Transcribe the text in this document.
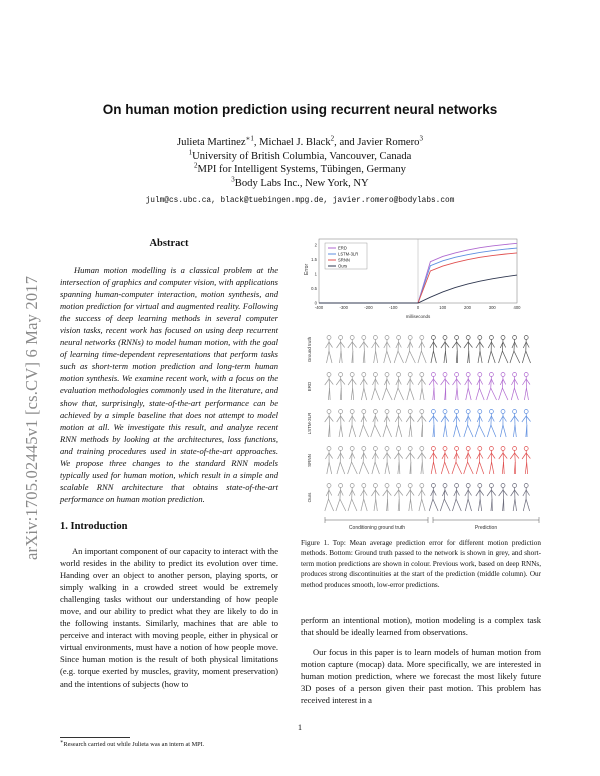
arXiv:1705.02445v1 [cs.CV] 6 May 2017
On human motion prediction using recurrent neural networks
Julieta Martinez$^{∗1}$, Michael J. Black$^2$, and Javier Romero$^3$
$^1$University of British Columbia, Vancouver, Canada
$^2$MPI for Intelligent Systems, Tübingen, Germany
$^3$Body Labs Inc., New York, NY
julm@cs.ubc.ca, black@tuebingen.mpg.de, javier.romero@bodylabs.com
Abstract

Human motion modelling is a classical problem at the intersection of graphics and computer vision, with applications spanning human-computer interaction, motion synthesis, and motion prediction for virtual and augmented reality. Following the success of deep learning methods in several computer vision tasks, recent work has focused on using deep recurrent neural networks (RNNs) to model human motion, with the goal of learning time-dependent representations that perform tasks such as short-term motion prediction and long-term human motion synthesis. We examine recent work, with a focus on the evaluation methodologies commonly used in the literature, and show that, surprisingly, state-of-the-art performance can be achieved by a simple baseline that does not attempt to model motion at all. We investigate this result, and analyze recent RNN methods by looking at the architectures, loss functions, and training procedures used in state-of-the-art approaches. We propose three changes to the standard RNN models typically used for human motion, which result in a simple and scalable RNN architecture that obtains state-of-the-art performance on human motion prediction.

1. Introduction

An important component of our capacity to interact with the world resides in the ability to predict its evolution over time. Handing over an object to another person, playing sports, or simply walking in a crowded street would be extremely challenging tasks without our understanding of how people move, and our ability to predict what they are likely to do in the following instants. Similarly, machines that are able to perceive and interact with moving people, either in physical or virtual environments, must have a notion of how people move. Since human motion is the result of both physical limitations (e.g. torque exerted by muscles, gravity, moment preservation) and the intentions of subjects (how to

∗Research carried out while Julieta was an intern at MPI.
Error
milliseconds
0
0.5
1
1.5
2
-400	-300	-200	-100	0	100	200	300	400
ERD
LSTM-3LR
SRNN
Ours
Ground truth
ERD
LSTM-3LR
SRNN
Ours
Conditioning ground truth	Prediction
Figure 1. Top: Mean average prediction error for different motion prediction methods. Bottom: Ground truth passed to the network is shown in grey, and short-term motion predictions are shown in colour. Previous work, based on deep RNNs, produces strong discontinuities at the start of the prediction (middle column). Our method produces smooth, low-error predictions.

perform an intentional motion), motion modeling is a complex task that should be ideally learned from observations.

Our focus in this paper is to learn models of human motion from motion capture (mocap) data. More specifically, we are interested in human motion prediction, where we forecast the most likely future 3D poses of a person given their past motion. This problem has received interest in a

1
